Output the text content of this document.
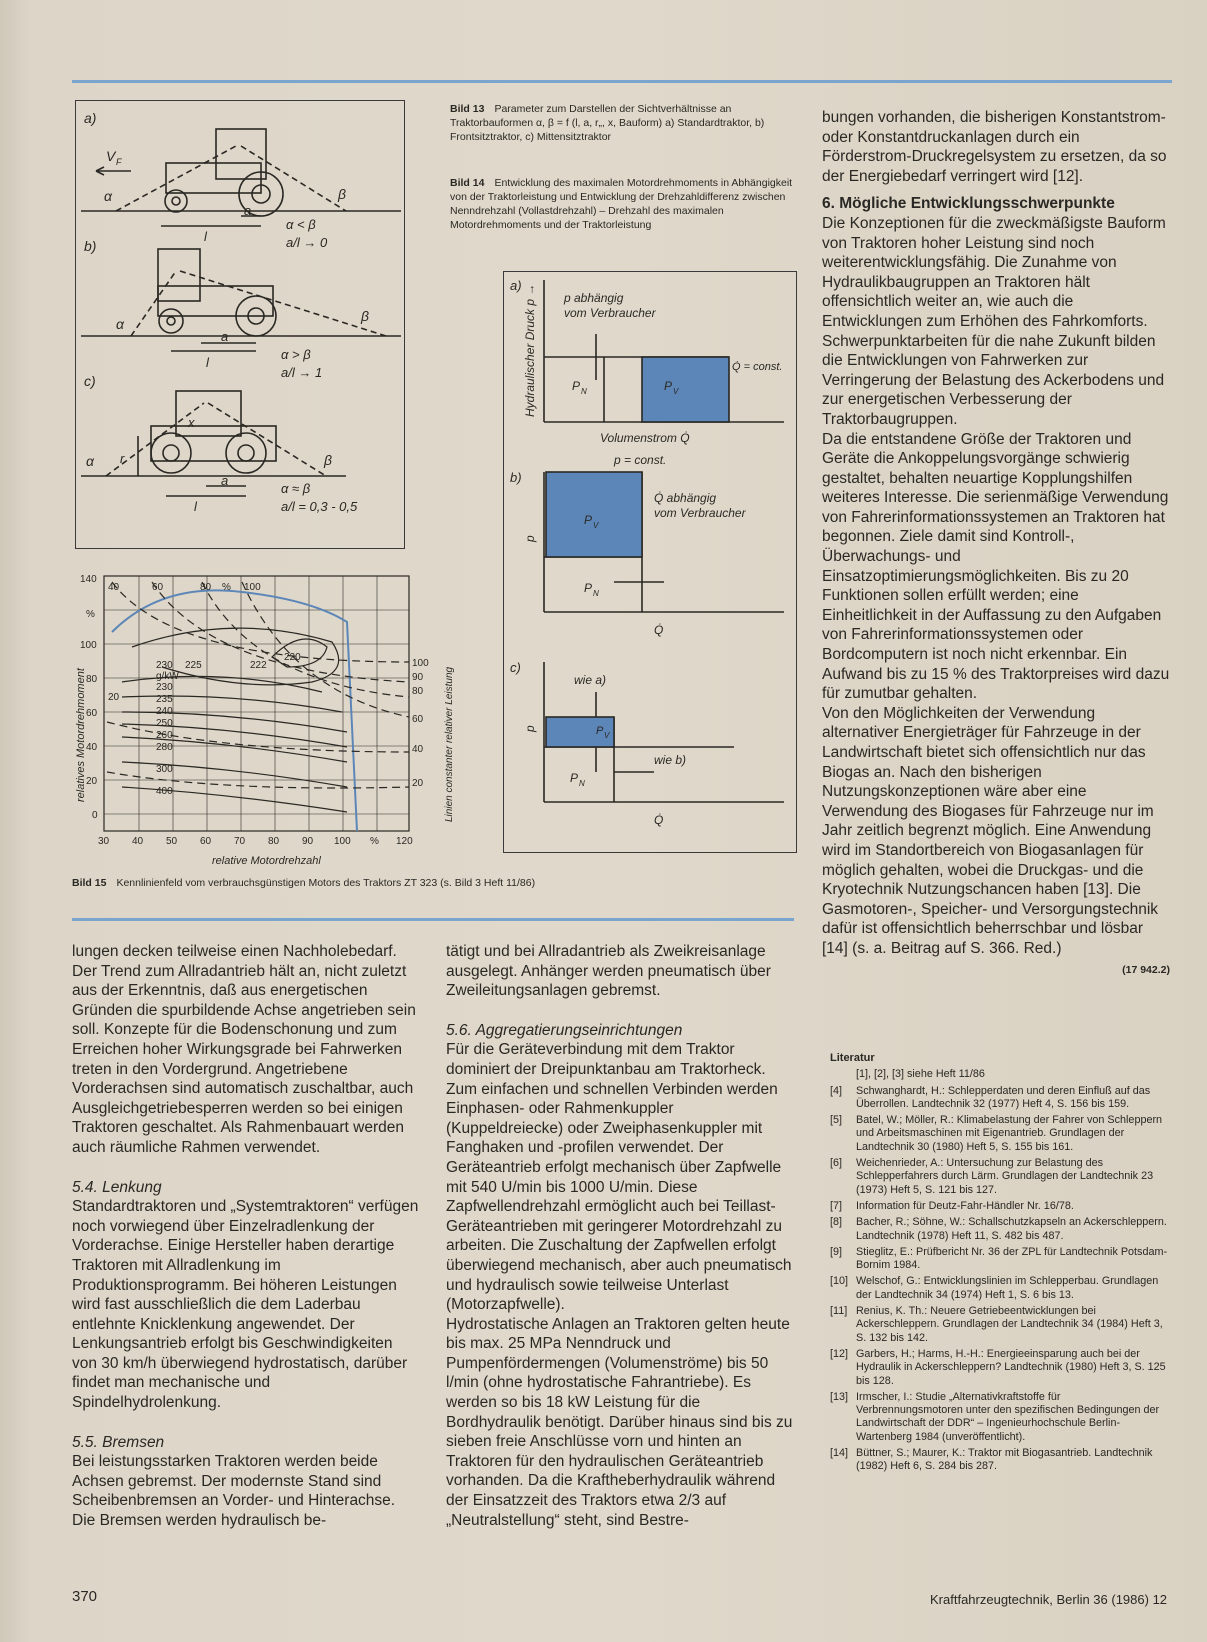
a)
b)
c)
V F
α	β
l
a
α < β
a/l → 0
α	β
l
a
α > β
a/l → 1
x
α	β
r
l
a
α ≈ β
a/l = 0,3 - 0,5
Bild 13 Parameter zum Darstellen der Sichtverhältnisse an Traktorbauformen α, β = f (l, a, r„, x, Bauform) a) Standardtraktor, b) Frontsitztraktor, c) Mittensitztraktor
Bild 14 Entwicklung des maximalen Motordrehmoments in Abhängigkeit von der Traktorleistung und Entwicklung der Drehzahldifferenz zwischen Nenndrehzahl (Vollastdrehzahl) – Drehzahl des maximalen Motordrehmoments und der Traktorleistung
a) Hydraulischer Druck p → p abhängig
vom Verbraucher
P N	P V
Q̇ = const.
Volumenstrom Q̇
b)
p = const.
P V
Q̇ abhängig
vom Verbraucher
P N
p
Q̇
c)
wie a)
P V
wie b)
P N
p
Q̇
relatives Motordrehmoment
relative Motordrehzahl
Linien constanter relativer Leistung
140
%
100
80
60
40
20
0
30 40 50 60 70 80 90 100 % 120
40	60	80 % 100
100
90
80
60
40
20
20
230 225	222
220
g/kW
230
235
240
250
260
280
300
400
Bild 15 Kennlinienfeld vom verbrauchsgünstigen Motors des Traktors ZT 323 (s. Bild 3 Heft 11/86)

lungen decken teilweise einen Nachholebedarf. Der Trend zum Allradantrieb hält an, nicht zuletzt aus der Erkenntnis, daß aus energetischen Gründen die spurbildende Achse angetrieben sein soll. Konzepte für die Bodenschonung und zum Erreichen hoher Wirkungsgrade bei Fahrwerken treten in den Vordergrund. Angetriebene Vorderachsen sind automatisch zuschaltbar, auch Ausgleichgetriebesperren werden so bei einigen Traktoren geschaltet. Als Rahmenbauart werden auch räumliche Rahmen verwendet.

5.4. Lenkung

Standardtraktoren und „Systemtraktoren“ verfügen noch vorwiegend über Einzelradlenkung der Vorderachse. Einige Hersteller haben derartige Traktoren mit Allradlenkung im Produktionsprogramm. Bei höheren Leistungen wird fast ausschließlich die dem Laderbau entlehnte Knicklenkung angewendet. Der Lenkungsantrieb erfolgt bis Geschwindigkeiten von 30 km/h überwiegend hydrostatisch, darüber findet man mechanische und Spindelhydrolenkung.

5.5. Bremsen

Bei leistungsstarken Traktoren werden beide Achsen gebremst. Der modernste Stand sind Scheibenbremsen an Vorder- und Hinterachse. Die Bremsen werden hydraulisch be-

tätigt und bei Allradantrieb als Zweikreisanlage ausgelegt. Anhänger werden pneumatisch über Zweileitungsanlagen gebremst.

5.6. Aggregatierungseinrichtungen

Für die Geräteverbindung mit dem Traktor dominiert der Dreipunktanbau am Traktorheck. Zum einfachen und schnellen Verbinden werden Einphasen- oder Rahmenkuppler (Kuppeldreiecke) oder Zweiphasenkuppler mit Fanghaken und -profilen verwendet. Der Geräteantrieb erfolgt mechanisch über Zapfwelle mit 540 U/min bis 1000 U/min. Diese Zapfwellendrehzahl ermöglicht auch bei Teillast-Geräteantrieben mit geringerer Motordrehzahl zu arbeiten. Die Zuschaltung der Zapfwellen erfolgt überwiegend mechanisch, aber auch pneumatisch und hydraulisch sowie teilweise Unterlast (Motorzapfwelle).

Hydrostatische Anlagen an Traktoren gelten heute bis max. 25 MPa Nenndruck und Pumpenfördermengen (Volumenströme) bis 50 l/min (ohne hydrostatische Fahrantriebe). Es werden so bis 18 kW Leistung für die Bordhydraulik benötigt. Darüber hinaus sind bis zu sieben freie Anschlüsse vorn und hinten an Traktoren für den hydraulischen Geräteantrieb vorhanden. Da die Kraftheberhydraulik während der Einsatzzeit des Traktors etwa 2/3 auf „Neutralstellung“ steht, sind Bestre-

bungen vorhanden, die bisherigen Konstantstrom- oder Konstantdruckanlagen durch ein Förderstrom-Druckregelsystem zu ersetzen, da so der Energiebedarf verringert wird [12].

6. Mögliche Entwicklungsschwerpunkte

Die Konzeptionen für die zweckmäßigste Bauform von Traktoren hoher Leistung sind noch weiterentwicklungsfähig. Die Zunahme von Hydraulikbaugruppen an Traktoren hält offensichtlich weiter an, wie auch die Entwicklungen zum Erhöhen des Fahrkomforts. Schwerpunktarbeiten für die nahe Zukunft bilden die Entwicklungen von Fahrwerken zur Verringerung der Belastung des Ackerbodens und zur energetischen Verbesserung der Traktorbaugruppen.

Da die entstandene Größe der Traktoren und Geräte die Ankoppelungsvorgänge schwierig gestaltet, behalten neuartige Kopplungshilfen weiteres Interesse. Die serienmäßige Verwendung von Fahrerinformationssystemen an Traktoren hat begonnen. Ziele damit sind Kontroll-, Überwachungs- und Einsatzoptimierungsmöglichkeiten. Bis zu 20 Funktionen sollen erfüllt werden; eine Einheitlichkeit in der Auffassung zu den Aufgaben von Fahrerinformationssystemen oder Bordcomputern ist noch nicht erkennbar. Ein Aufwand bis zu 15 % des Traktorpreises wird dazu für zumutbar gehalten.

Von den Möglichkeiten der Verwendung alternativer Energieträger für Fahrzeuge in der Landwirtschaft bietet sich offensichtlich nur das Biogas an. Nach den bisherigen Nutzungskonzeptionen wäre aber eine Verwendung des Biogases für Fahrzeuge nur im Jahr zeitlich begrenzt möglich. Eine Anwendung wird im Standortbereich von Biogasanlagen für möglich gehalten, wobei die Druckgas- und die Kryotechnik Nutzungschancen haben [13]. Die Gasmotoren-, Speicher- und Versorgungstechnik dafür ist offensichtlich beherrschbar und lösbar [14] (s. a. Beitrag auf S. 366. Red.)

(17 942.2)

Literatur
[1], [2], [3] siehe Heft 11/86
[4]	Schwanghardt, H.: Schlepperdaten und deren Einfluß auf das Überrollen. Landtechnik 32 (1977) Heft 4, S. 156 bis 159.
[5]	Batel, W.; Möller, R.: Klimabelastung der Fahrer von Schleppern und Arbeitsmaschinen mit Eigenantrieb. Grundlagen der Landtechnik 30 (1980) Heft 5, S. 155 bis 161.
[6]	Weichenrieder, A.: Untersuchung zur Belastung des Schlepperfahrers durch Lärm. Grundlagen der Landtechnik 23 (1973) Heft 5, S. 121 bis 127.
[7]	Information für Deutz-Fahr-Händler Nr. 16/78.
[8]	Bacher, R.; Söhne, W.: Schallschutzkapseln an Ackerschleppern. Landtechnik (1978) Heft 11, S. 482 bis 487.
[9]	Stieglitz, E.: Prüfbericht Nr. 36 der ZPL für Landtechnik Potsdam-Bornim 1984.
[10] Welschof, G.: Entwicklungslinien im Schlepperbau. Grundlagen der Landtechnik 34 (1974) Heft 1, S. 6 bis 13.
[11] Renius, K. Th.: Neuere Getriebeentwicklungen bei Ackerschleppern. Grundlagen der Landtechnik 34 (1984) Heft 3, S. 132 bis 142.
[12] Garbers, H.; Harms, H.-H.: Energieeinsparung auch bei der Hydraulik in Ackerschleppern? Landtechnik (1980) Heft 3, S. 125 bis 128.
[13] Irmscher, I.: Studie „Alternativkraftstoffe für Verbrennungsmotoren unter den spezifischen Bedingungen der Landwirtschaft der DDR“ – Ingenieurhochschule Berlin-Wartenberg 1984 (unveröffentlicht).
[14] Büttner, S.; Maurer, K.: Traktor mit Biogasantrieb. Landtechnik (1982) Heft 6, S. 284 bis 287.
370	Kraftfahrzeugtechnik, Berlin 36 (1986) 12
